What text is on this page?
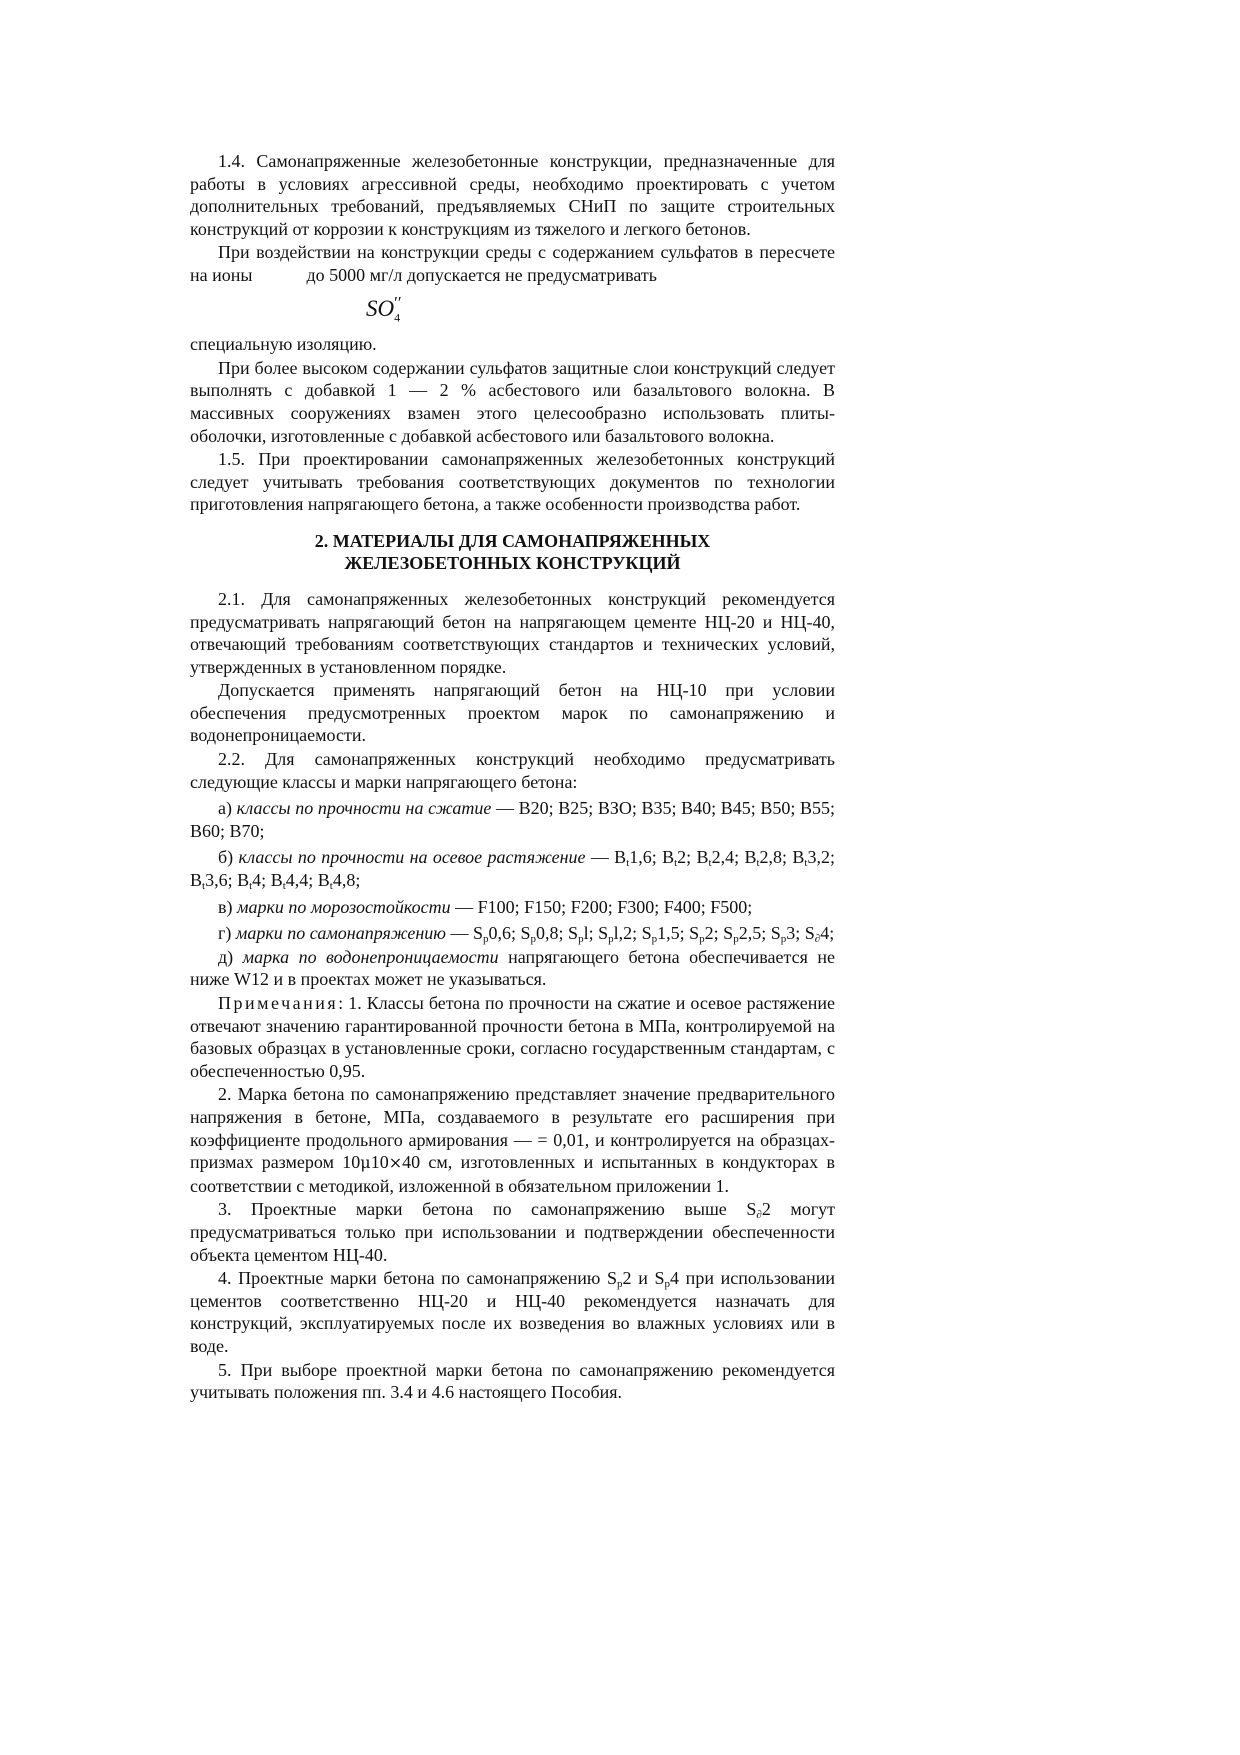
1.4. Самонапряженные железобетонные конструкции, предназначенные для работы в условиях агрессивной среды, необходимо проектировать с учетом дополнительных требований, предъявляемых СНиП по защите строительных конструкций от коррозии к конструкциям из тяжелого и легкого бетонов.

При воздействии на конструкции среды с содержанием сульфатов в пересчете на ионы            до 5000 мг/л допускается не предусматривать

$SO_4''$

специальную изоляцию.

При более высоком содержании сульфатов защитные слои конструкций следует выполнять с добавкой 1 — 2 % асбестового или базальтового волокна. В массивных сооружениях взамен этого целесообразно использовать плиты-оболочки, изготовленные с добавкой асбестового или базальтового волокна.

1.5. При проектировании самонапряженных железобетонных конструкций следует учитывать требования соответствующих документов по технологии приготовления напрягающего бетона, а также особенности производства работ.

2. МАТЕРИАЛЫ ДЛЯ САМОНАПРЯЖЕННЫХ
ЖЕЛЕЗОБЕТОННЫХ КОНСТРУКЦИЙ

2.1. Для самонапряженных железобетонных конструкций рекомендуется предусматривать напрягающий бетон на напрягающем цементе НЦ-20 и НЦ-40, отвечающий требованиям соответствующих стандартов и технических условий, утвержденных в установленном порядке.

Допускается применять напрягающий бетон на НЦ-10 при условии обеспечения предусмотренных проектом марок по самонапряжению и водонепроницаемости.

2.2. Для самонапряженных конструкций необходимо предусматривать следующие классы и марки напрягающего бетона:

а) классы по прочности на сжатие — B20; B25; ВЗО; B35; B40; B45; B50; B55; B60; B70;

б) классы по прочности на осевое растяжение — $B_t1,6$; $B_t2$; $B_t2,4$; $B_t2,8$; $B_t3,2$; $B_t3,6$; $B_t4$; $B_t4,4$; $B_t4,8$;

в) марки по морозостойкости — F100; F150; F200; F300; F400; F500;

г) марки по самонапряжению — $S_p0,6$; $S_p0,8$; $S_pl$; $S_pl,2$; $S_p1,5$; $S_p2$; $S_p2,5$; $S_p3$; $S_\partial 4$;

д) марка по водонепроницаемости напрягающего бетона обеспечивается не ниже W12 и в проектах может не указываться.

Примечания: 1. Классы бетона по прочности на сжатие и осевое растяжение отвечают значению гарантированной прочности бетона в МПа, контролируемой на базовых образцах в установленные сроки, согласно государственным стандартам, с обеспеченностью 0,95.

2. Марка бетона по самонапряжению представляет значение предварительного напряжения в бетоне, МПа, создаваемого в результате его расширения при коэффициенте продольного армирования — = 0,01, и контролируется на образцах-призмах размером 10μ10×40 см, изготовленных и испытанных в кондукторах в соответствии с методикой, изложенной в обязательном приложении 1.

3. Проектные марки бетона по самонапряжению выше $S_\partial 2$ могут предусматриваться только при использовании и подтверждении обеспеченности объекта цементом НЦ-40.

4. Проектные марки бетона по самонапряжению $S_p2$ и $S_p4$ при использовании цементов соответственно НЦ-20 и НЦ-40 рекомендуется назначать для конструкций, эксплуатируемых после их возведения во влажных условиях или в воде.

5. При выборе проектной марки бетона по самонапряжению рекомендуется учитывать положения пп. 3.4 и 4.6 настоящего Пособия.
